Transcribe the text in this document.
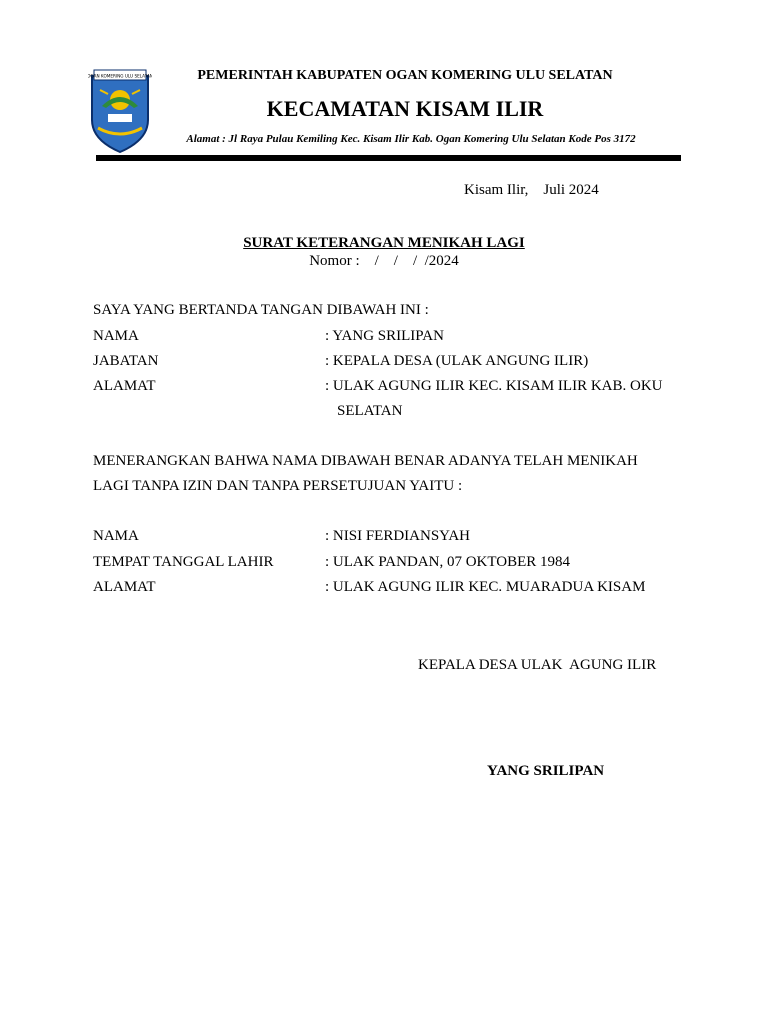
OGAN KOMERING ULU SELATAN	PEMERINTAH KABUPATEN OGAN KOMERING ULU SELATAN
KECAMATAN KISAM ILIR
Alamat : Jl Raya Pulau Kemiling Kec. Kisam Ilir Kab. Ogan Komering Ulu Selatan Kode Pos 3172
Kisam Ilir,    Juli 2024
SURAT KETERANGAN MENIKAH LAGI
Nomor :    /    /    /  /2024
SAYA YANG BERTANDA TANGAN DIBAWAH INI :
NAMA	: YANG SRILIPAN
JABATAN	: KEPALA DESA (ULAK ANGUNG ILIR)
ALAMAT	: ULAK AGUNG ILIR KEC. KISAM ILIR KAB. OKU
SELATAN
MENERANGKAN BAHWA NAMA DIBAWAH BENAR ADANYA TELAH MENIKAH
LAGI TANPA IZIN DAN TANPA PERSETUJUAN YAITU :
NAMA	: NISI FERDIANSYAH
TEMPAT TANGGAL LAHIR	: ULAK PANDAN, 07 OKTOBER 1984
ALAMAT	: ULAK AGUNG ILIR KEC. MUARADUA KISAM
KEPALA DESA ULAK  AGUNG ILIR
YANG SRILIPAN
